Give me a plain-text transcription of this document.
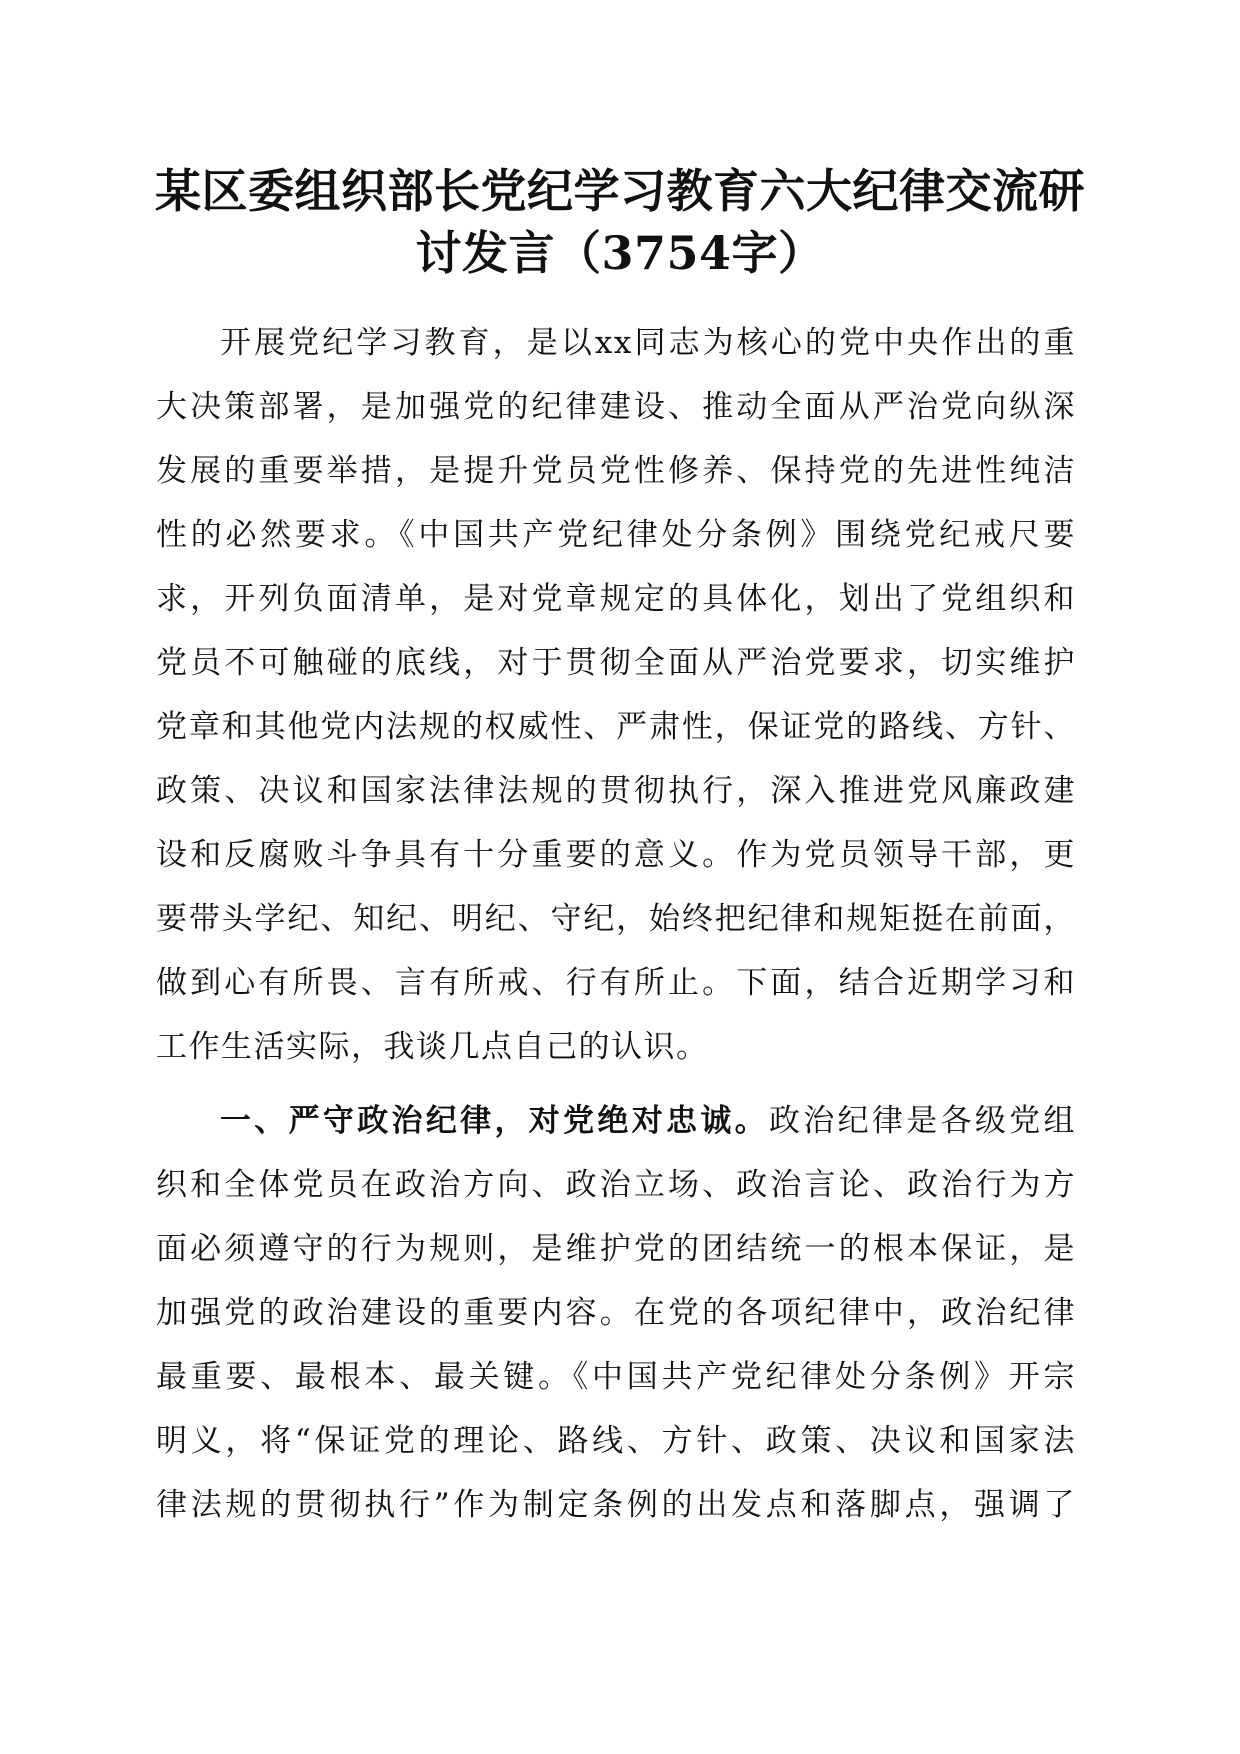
某区委组织部长党纪学习教育六大纪律交流研
讨发言（3754字）
开展党纪学习教育，是以xx同志为核心的党中央作出的重
大决策部署，是加强党的纪律建设、推动全面从严治党向纵深
发展的重要举措，是提升党员党性修养、保持党的先进性纯洁
性的必然要求。《中国共产党纪律处分条例》围绕党纪戒尺要
求，开列负面清单，是对党章规定的具体化，划出了党组织和
党员不可触碰的底线，对于贯彻全面从严治党要求，切实维护
党章和其他党内法规的权威性、严肃性，保证党的路线、方针、
政策、决议和国家法律法规的贯彻执行，深入推进党风廉政建
设和反腐败斗争具有十分重要的意义。作为党员领导干部，更
要带头学纪、知纪、明纪、守纪，始终把纪律和规矩挺在前面，
做到心有所畏、言有所戒、行有所止。下面，结合近期学习和
工作生活实际，我谈几点自己的认识。
一、严守政治纪律，对党绝对忠诚。政治纪律是各级党组
织和全体党员在政治方向、政治立场、政治言论、政治行为方
面必须遵守的行为规则，是维护党的团结统一的根本保证，是
加强党的政治建设的重要内容。在党的各项纪律中，政治纪律
最重要、最根本、最关键。《中国共产党纪律处分条例》开宗
明义，将“保证党的理论、路线、方针、政策、决议和国家法
律法规的贯彻执行”作为制定条例的出发点和落脚点，强调了
